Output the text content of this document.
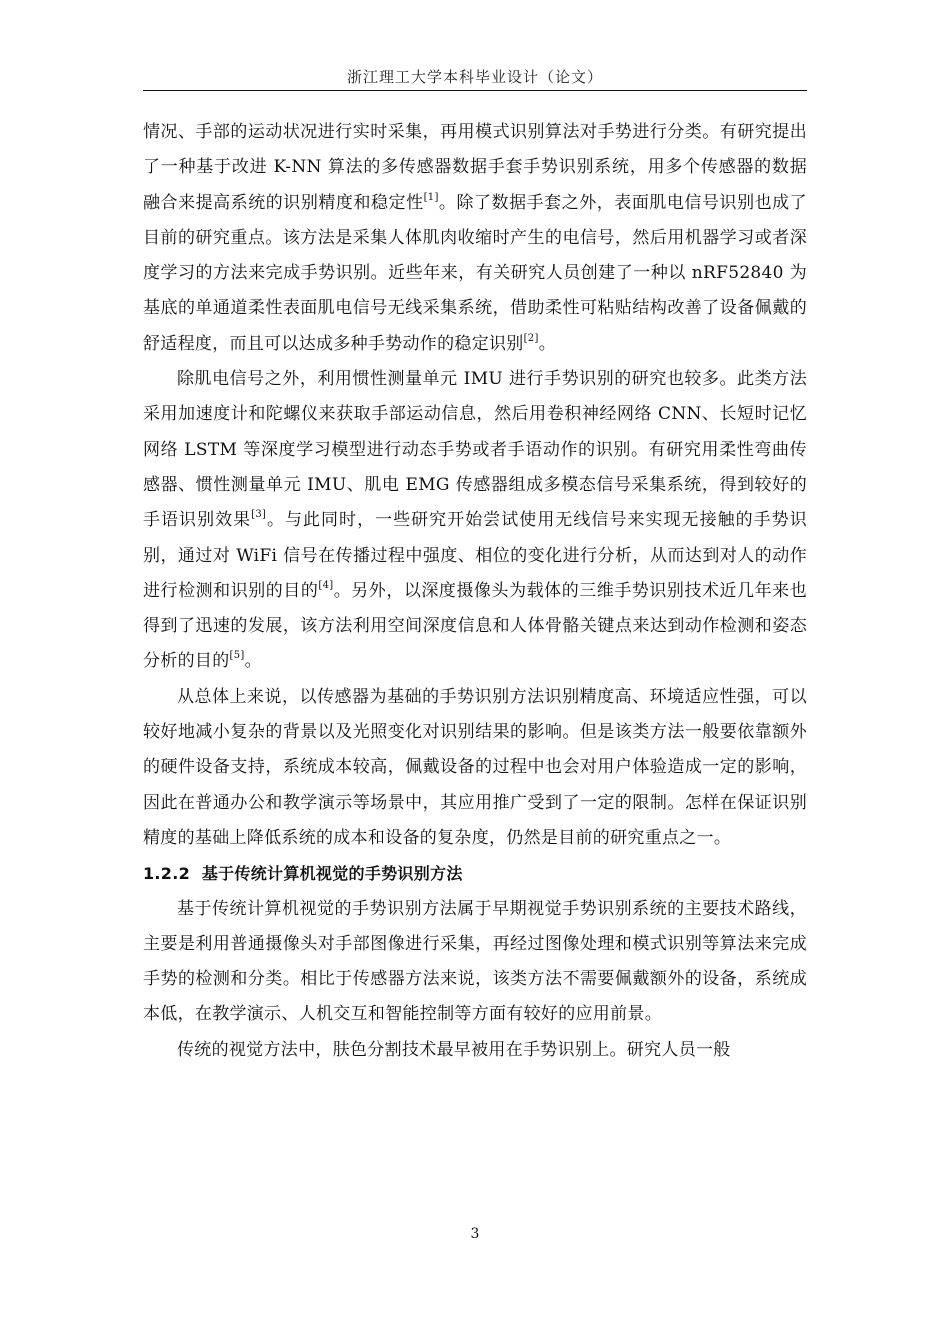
浙江理工大学本科毕业设计（论文）

情况、手部的运动状况进行实时采集，再用模式识别算法对手势进行分类。有研究提出了一种基于改进 K-NN 算法的多传感器数据手套手势识别系统，用多个传感器的数据融合来提高系统的识别精度和稳定性[1]。除了数据手套之外，表面肌电信号识别也成了目前的研究重点。该方法是采集人体肌肉收缩时产生的电信号，然后用机器学习或者深度学习的方法来完成手势识别。近些年来，有关研究人员创建了一种以 nRF52840 为基底的单通道柔性表面肌电信号无线采集系统，借助柔性可粘贴结构改善了设备佩戴的舒适程度，而且可以达成多种手势动作的稳定识别[2]。

除肌电信号之外，利用惯性测量单元 IMU 进行手势识别的研究也较多。此类方法采用加速度计和陀螺仪来获取手部运动信息，然后用卷积神经网络 CNN、长短时记忆网络 LSTM 等深度学习模型进行动态手势或者手语动作的识别。有研究用柔性弯曲传感器、惯性测量单元 IMU、肌电 EMG 传感器组成多模态信号采集系统，得到较好的手语识别效果[3]。与此同时，一些研究开始尝试使用无线信号来实现无接触的手势识别，通过对 WiFi 信号在传播过程中强度、相位的变化进行分析，从而达到对人的动作进行检测和识别的目的[4]。另外，以深度摄像头为载体的三维手势识别技术近几年来也得到了迅速的发展，该方法利用空间深度信息和人体骨骼关键点来达到动作检测和姿态分析的目的[5]。

从总体上来说，以传感器为基础的手势识别方法识别精度高、环境适应性强，可以较好地减小复杂的背景以及光照变化对识别结果的影响。但是该类方法一般要依靠额外的硬件设备支持，系统成本较高，佩戴设备的过程中也会对用户体验造成一定的影响，因此在普通办公和教学演示等场景中，其应用推广受到了一定的限制。怎样在保证识别精度的基础上降低系统的成本和设备的复杂度，仍然是目前的研究重点之一。

1.2.2 基于传统计算机视觉的手势识别方法

基于传统计算机视觉的手势识别方法属于早期视觉手势识别系统的主要技术路线，主要是利用普通摄像头对手部图像进行采集，再经过图像处理和模式识别等算法来完成手势的检测和分类。相比于传感器方法来说，该类方法不需要佩戴额外的设备，系统成本低，在教学演示、人机交互和智能控制等方面有较好的应用前景。

传统的视觉方法中，肤色分割技术最早被用在手势识别上。研究人员一般

3
